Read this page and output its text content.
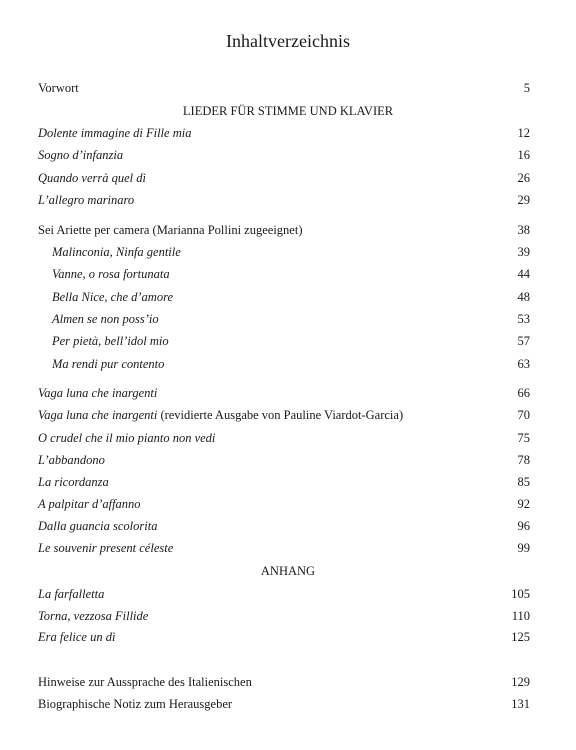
Inhaltverzeichnis
Vorwort	5
LIEDER FÜR STIMME UND KLAVIER
Dolente immagine di Fille mia	12
Sogno d’infanzia	16
Quando verrà quel dì	26
L’allegro marinaro	29
Sei Ariette per camera (Marianna Pollini zugeeignet)	38
Malinconia, Ninfa gentile	39
Vanne, o rosa fortunata	44
Bella Nice, che d’amore	48
Almen se non poss’io	53
Per pietà, bell’idol mio	57
Ma rendi pur contento	63
Vaga luna che inargenti	66
Vaga luna che inargenti (revidierte Ausgabe von Pauline Viardot-Garcia)	70
O crudel che il mio pianto non vedi	75
L’abbandono	78
La ricordanza	85
A palpitar d’affanno	92
Dalla guancia scolorita	96
Le souvenir present céleste	99
ANHANG
La farfalletta	105
Torna, vezzosa Fillide	110
Era felice un dì	125
Hinweise zur Aussprache des Italienischen	129
Biographische Notiz zum Herausgeber	131
